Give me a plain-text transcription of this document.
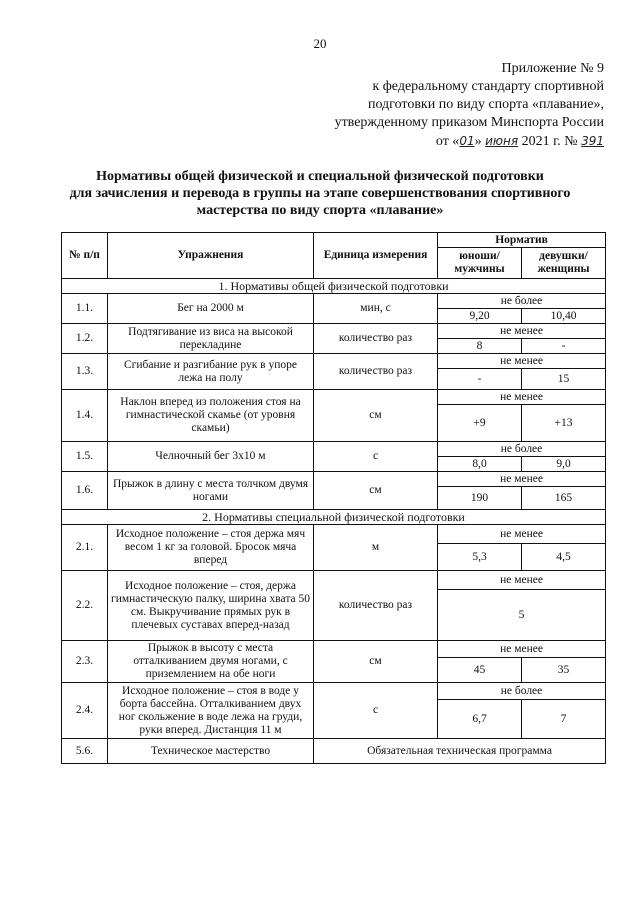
20
Приложение № 9
к федеральному стандарту спортивной
подготовки по виду спорта «плавание»,
утвержденному приказом Минспорта России
от «01» июня 2021 г. № 391
Нормативы общей физической и специальной физической подготовки
для зачисления и перевода в группы на этапе совершенствования спортивного
мастерства по виду спорта «плавание»
№ п/п	Упражнения	Единица измерения	Норматив	
			юноши/ мужчины	девушки/ женщины
1. Нормативы общей физической подготовки				
1.1.	Бег на 2000 м	мин, с	не более	
			9,20	10,40
1.2.	Подтягивание из виса на высокой перекладине	количество раз	не менее	
			8	-
1.3.	Сгибание и разгибание рук в упоре лежа на полу	количество раз	не менее	
			-	15
1.4.	Наклон вперед из положения стоя на гимнастической скамье (от уровня скамьи)	см	не менее	
			+9	+13
1.5.	Челночный бег 3х10 м	с	не более	
			8,0	9,0
1.6.	Прыжок в длину с места толчком двумя ногами	см	не менее	
			190	165
2. Нормативы специальной физической подготовки				
2.1.	Исходное положение – стоя держа мяч весом 1 кг за головой. Бросок мяча вперед	м	не менее	
			5,3	4,5
2.2.	Исходное положение – стоя, держа гимнастическую палку, ширина хвата 50 см. Выкручивание прямых рук в плечевых суставах вперед-назад	количество раз	не менее	
			5	
2.3.	Прыжок в высоту с места отталкиванием двумя ногами, с приземлением на обе ноги	см	не менее	
			45	35
2.4.	Исходное положение – стоя в воде у борта бассейна. Отталкиванием двух ног скольжение в воде лежа на груди, руки вперед. Дистанция 11 м	с	не более	
			6,7	7
5.6.	Техническое мастерство	Обязательная техническая программа		
